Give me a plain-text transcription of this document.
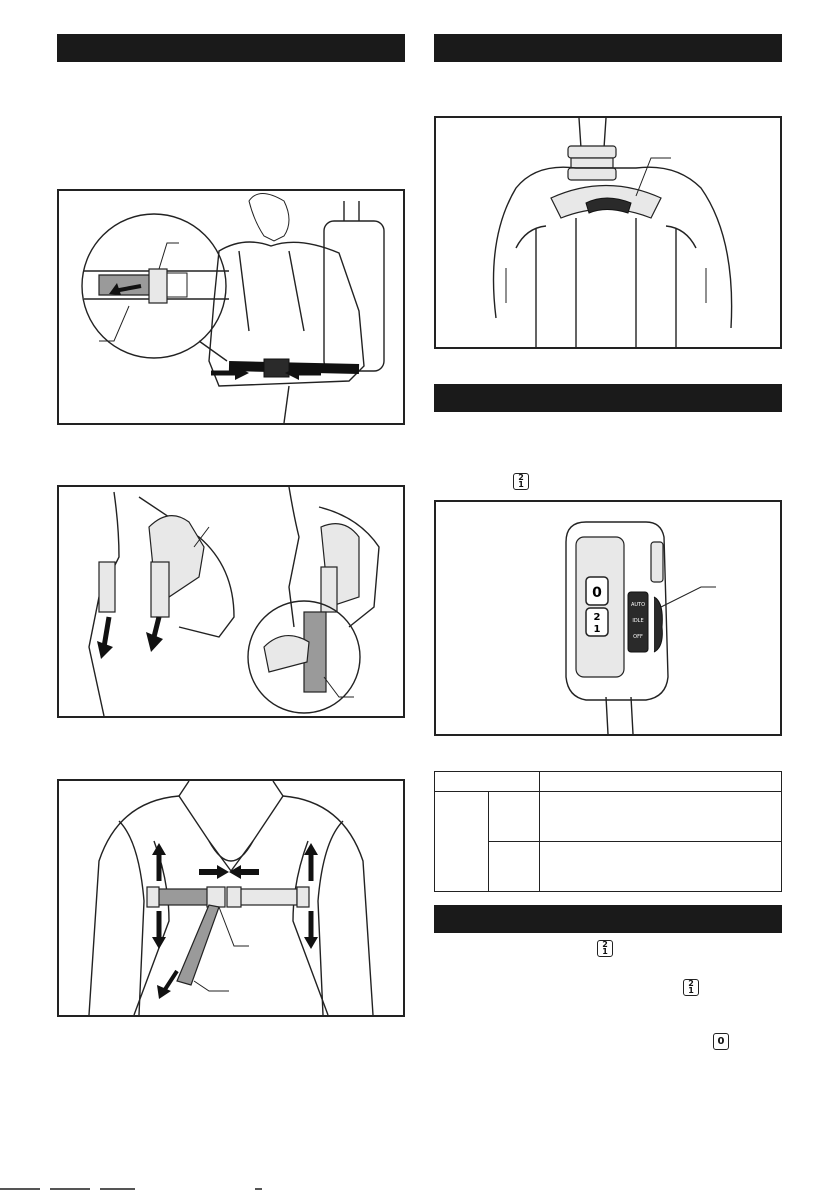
2
1
0
2
1
AUTO
IDLE
OFF

2
1
2
1
0
